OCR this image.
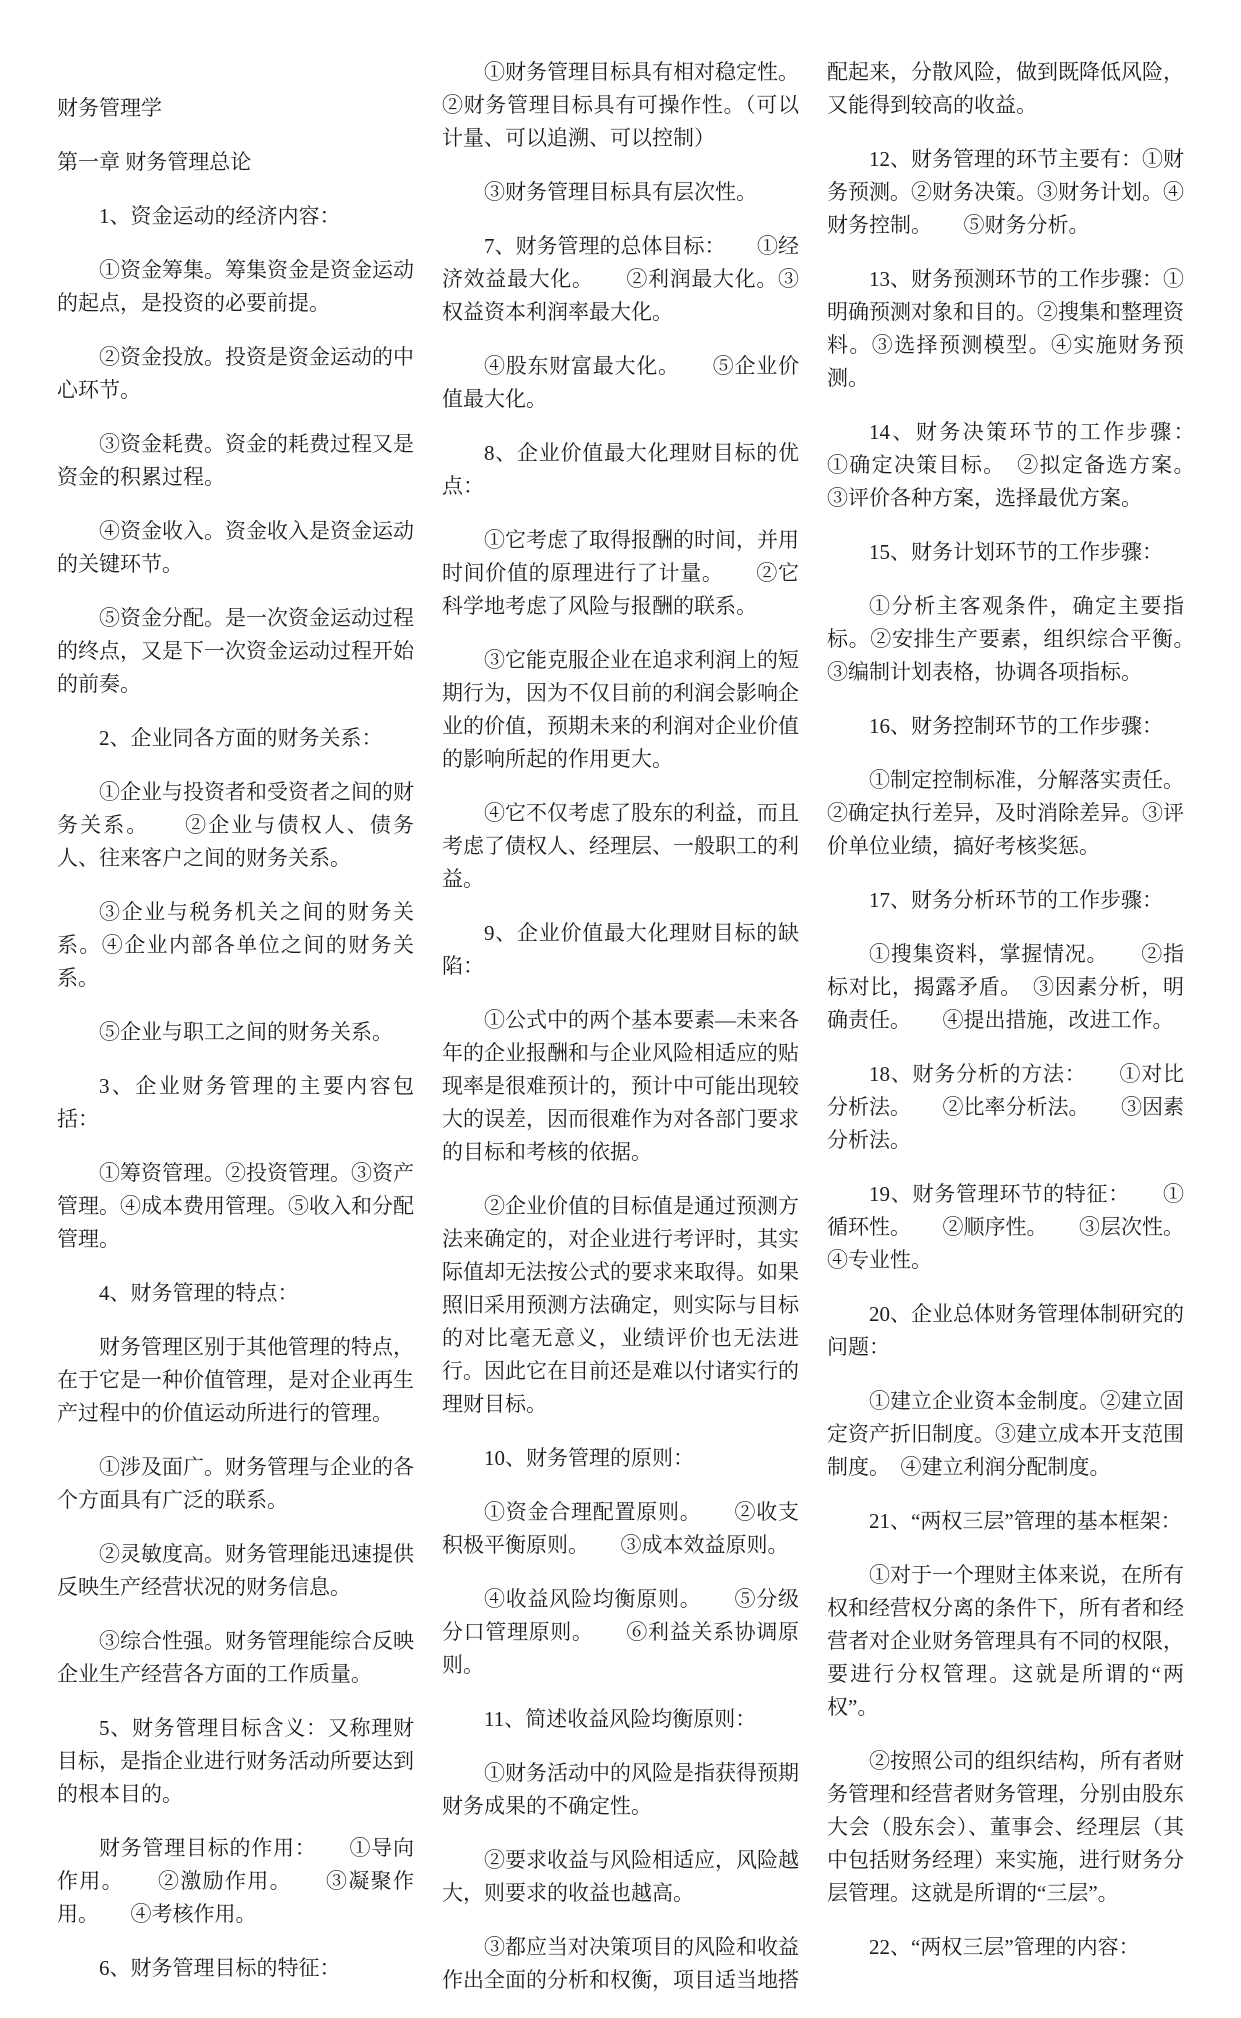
财务管理学

第一章 财务管理总论

1、资金运动的经济内容：

①资金筹集。筹集资金是资金运动的起点，是投资的必要前提。

②资金投放。投资是资金运动的中心环节。

③资金耗费。资金的耗费过程又是资金的积累过程。

④资金收入。资金收入是资金运动的关键环节。

⑤资金分配。是一次资金运动过程的终点，又是下一次资金运动过程开始的前奏。

2、企业同各方面的财务关系：

①企业与投资者和受资者之间的财务关系。　　②企业与债权人、债务人、往来客户之间的财务关系。

③企业与税务机关之间的财务关系。④企业内部各单位之间的财务关系。

⑤企业与职工之间的财务关系。

3、企业财务管理的主要内容包括：

①筹资管理。②投资管理。③资产管理。④成本费用管理。⑤收入和分配管理。

4、财务管理的特点：

财务管理区别于其他管理的特点，在于它是一种价值管理，是对企业再生产过程中的价值运动所进行的管理。

①涉及面广。财务管理与企业的各个方面具有广泛的联系。

②灵敏度高。财务管理能迅速提供反映生产经营状况的财务信息。

③综合性强。财务管理能综合反映企业生产经营各方面的工作质量。

5、财务管理目标含义：又称理财目标，是指企业进行财务活动所要达到的根本目的。

财务管理目标的作用：　　①导向作用。　　②激励作用。　　③凝聚作用。　　④考核作用。

6、财务管理目标的特征：

①财务管理目标具有相对稳定性。②财务管理目标具有可操作性。（可以计量、可以追溯、可以控制）

③财务管理目标具有层次性。

7、财务管理的总体目标：　　①经济效益最大化。　　②利润最大化。③权益资本利润率最大化。

④股东财富最大化。　　⑤企业价值最大化。

8、企业价值最大化理财目标的优点：

①它考虑了取得报酬的时间，并用时间价值的原理进行了计量。　　②它科学地考虑了风险与报酬的联系。

③它能克服企业在追求利润上的短期行为，因为不仅目前的利润会影响企业的价值，预期未来的利润对企业价值的影响所起的作用更大。

④它不仅考虑了股东的利益，而且考虑了债权人、经理层、一般职工的利益。

9、企业价值最大化理财目标的缺陷：

①公式中的两个基本要素—未来各年的企业报酬和与企业风险相适应的贴现率是很难预计的，预计中可能出现较大的误差，因而很难作为对各部门要求的目标和考核的依据。

②企业价值的目标值是通过预测方法来确定的，对企业进行考评时，其实际值却无法按公式的要求来取得。如果照旧采用预测方法确定，则实际与目标的对比毫无意义，业绩评价也无法进行。因此它在目前还是难以付诸实行的理财目标。

10、财务管理的原则：

①资金合理配置原则。　　②收支积极平衡原则。　　③成本效益原则。

④收益风险均衡原则。　　⑤分级分口管理原则。　　⑥利益关系协调原则。

11、简述收益风险均衡原则：

①财务活动中的风险是指获得预期财务成果的不确定性。

②要求收益与风险相适应，风险越大，则要求的收益也越高。

③都应当对决策项目的风险和收益作出全面的分析和权衡，项目适当地搭

配起来，分散风险，做到既降低风险，又能得到较高的收益。

12、财务管理的环节主要有：①财务预测。②财务决策。③财务计划。④财务控制。　　⑤财务分析。

13、财务预测环节的工作步骤：①明确预测对象和目的。②搜集和整理资料。③选择预测模型。④实施财务预测。

14、财务决策环节的工作步骤：　①确定决策目标。　②拟定备选方案。　③评价各种方案，选择最优方案。

15、财务计划环节的工作步骤：

①分析主客观条件，确定主要指标。②安排生产要素，组织综合平衡。　　③编制计划表格，协调各项指标。

16、财务控制环节的工作步骤：

①制定控制标准，分解落实责任。②确定执行差异，及时消除差异。③评价单位业绩，搞好考核奖惩。

17、财务分析环节的工作步骤：

①搜集资料，掌握情况。　　②指标对比，揭露矛盾。　③因素分析，明确责任。　　④提出措施，改进工作。

18、财务分析的方法：　　①对比分析法。　　②比率分析法。　　③因素分析法。

19、财务管理环节的特征：　　①循环性。　　②顺序性。　　③层次性。④专业性。

20、企业总体财务管理体制研究的问题：

①建立企业资本金制度。②建立固定资产折旧制度。③建立成本开支范围制度。　④建立利润分配制度。

21、“两权三层”管理的基本框架：

①对于一个理财主体来说，在所有权和经营权分离的条件下，所有者和经营者对企业财务管理具有不同的权限，要进行分权管理。这就是所谓的“两权”。

②按照公司的组织结构，所有者财务管理和经营者财务管理，分别由股东大会（股东会）、董事会、经理层（其中包括财务经理）来实施，进行财务分层管理。这就是所谓的“三层”。

22、“两权三层”管理的内容：
